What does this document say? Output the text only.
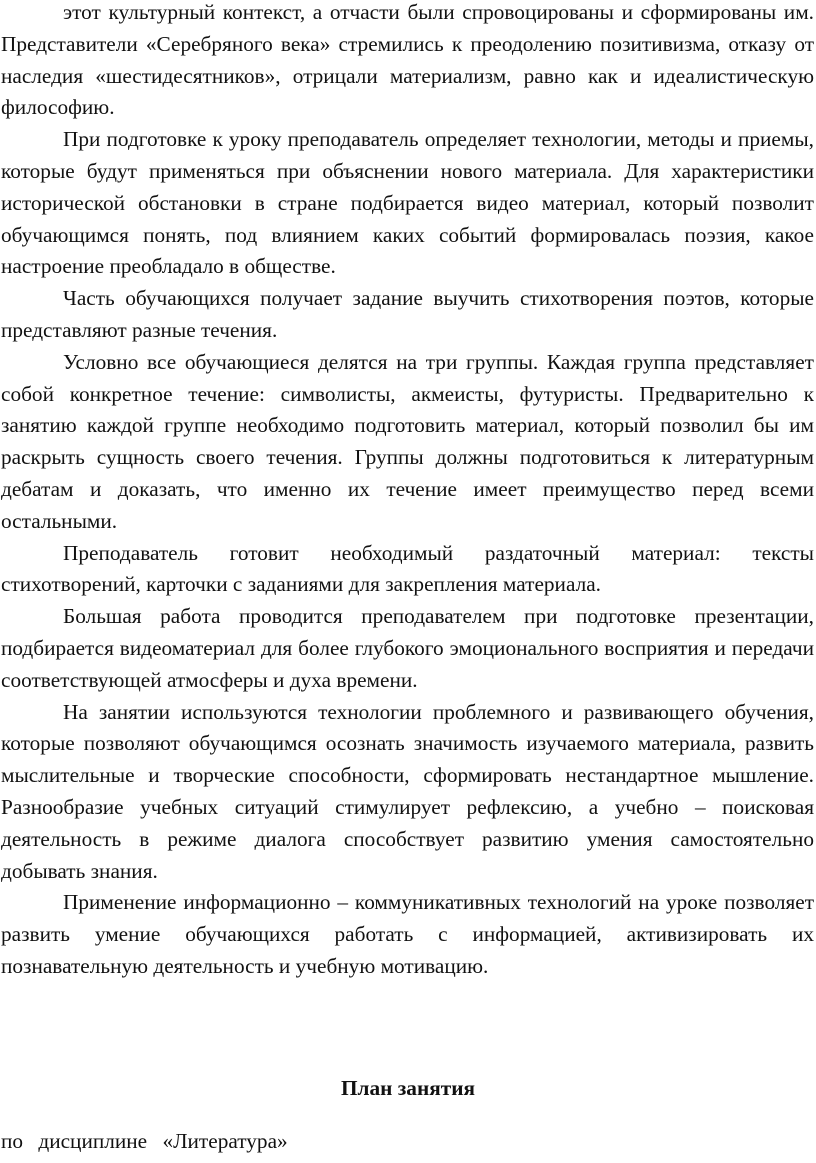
этот культурный контекст, а отчасти были спровоцированы и сформированы им. Представители «Серебряного века» стремились к преодолению позитивизма, отказу от наследия «шестидесятников», отрицали материализм, равно как и идеалистическую философию.

При подготовке к уроку преподаватель определяет технологии, методы и приемы, которые будут применяться при объяснении нового материала. Для характеристики исторической обстановки в стране подбирается видео материал, который позволит обучающимся понять, под влиянием каких событий формировалась поэзия, какое настроение преобладало в обществе.

Часть обучающихся получает задание выучить стихотворения поэтов, которые представляют разные течения.

Условно все обучающиеся делятся на три группы. Каждая группа представляет собой конкретное течение: символисты, акмеисты, футуристы. Предварительно к занятию каждой группе необходимо подготовить материал, который позволил бы им раскрыть сущность своего течения. Группы должны подготовиться к литературным дебатам и доказать, что именно их течение имеет преимущество перед всеми остальными.

Преподаватель готовит необходимый раздаточный материал: тексты стихотворений, карточки с заданиями для закрепления материала.

Большая работа проводится преподавателем при подготовке презентации, подбирается видеоматериал для более глубокого эмоционального восприятия и передачи соответствующей атмосферы и духа времени.

На занятии используются технологии проблемного и развивающего обучения, которые позволяют обучающимся осознать значимость изучаемого материала, развить мыслительные и творческие способности, сформировать нестандартное мышление. Разнообразие учебных ситуаций стимулирует рефлексию, а учебно – поисковая деятельность в режиме диалога способствует развитию умения самостоятельно добывать знания.

Применение информационно – коммуникативных технологий на уроке позволяет развить умение обучающихся работать с информацией, активизировать их познавательную деятельность и учебную мотивацию.

План занятия
по дисциплине «Литература»
